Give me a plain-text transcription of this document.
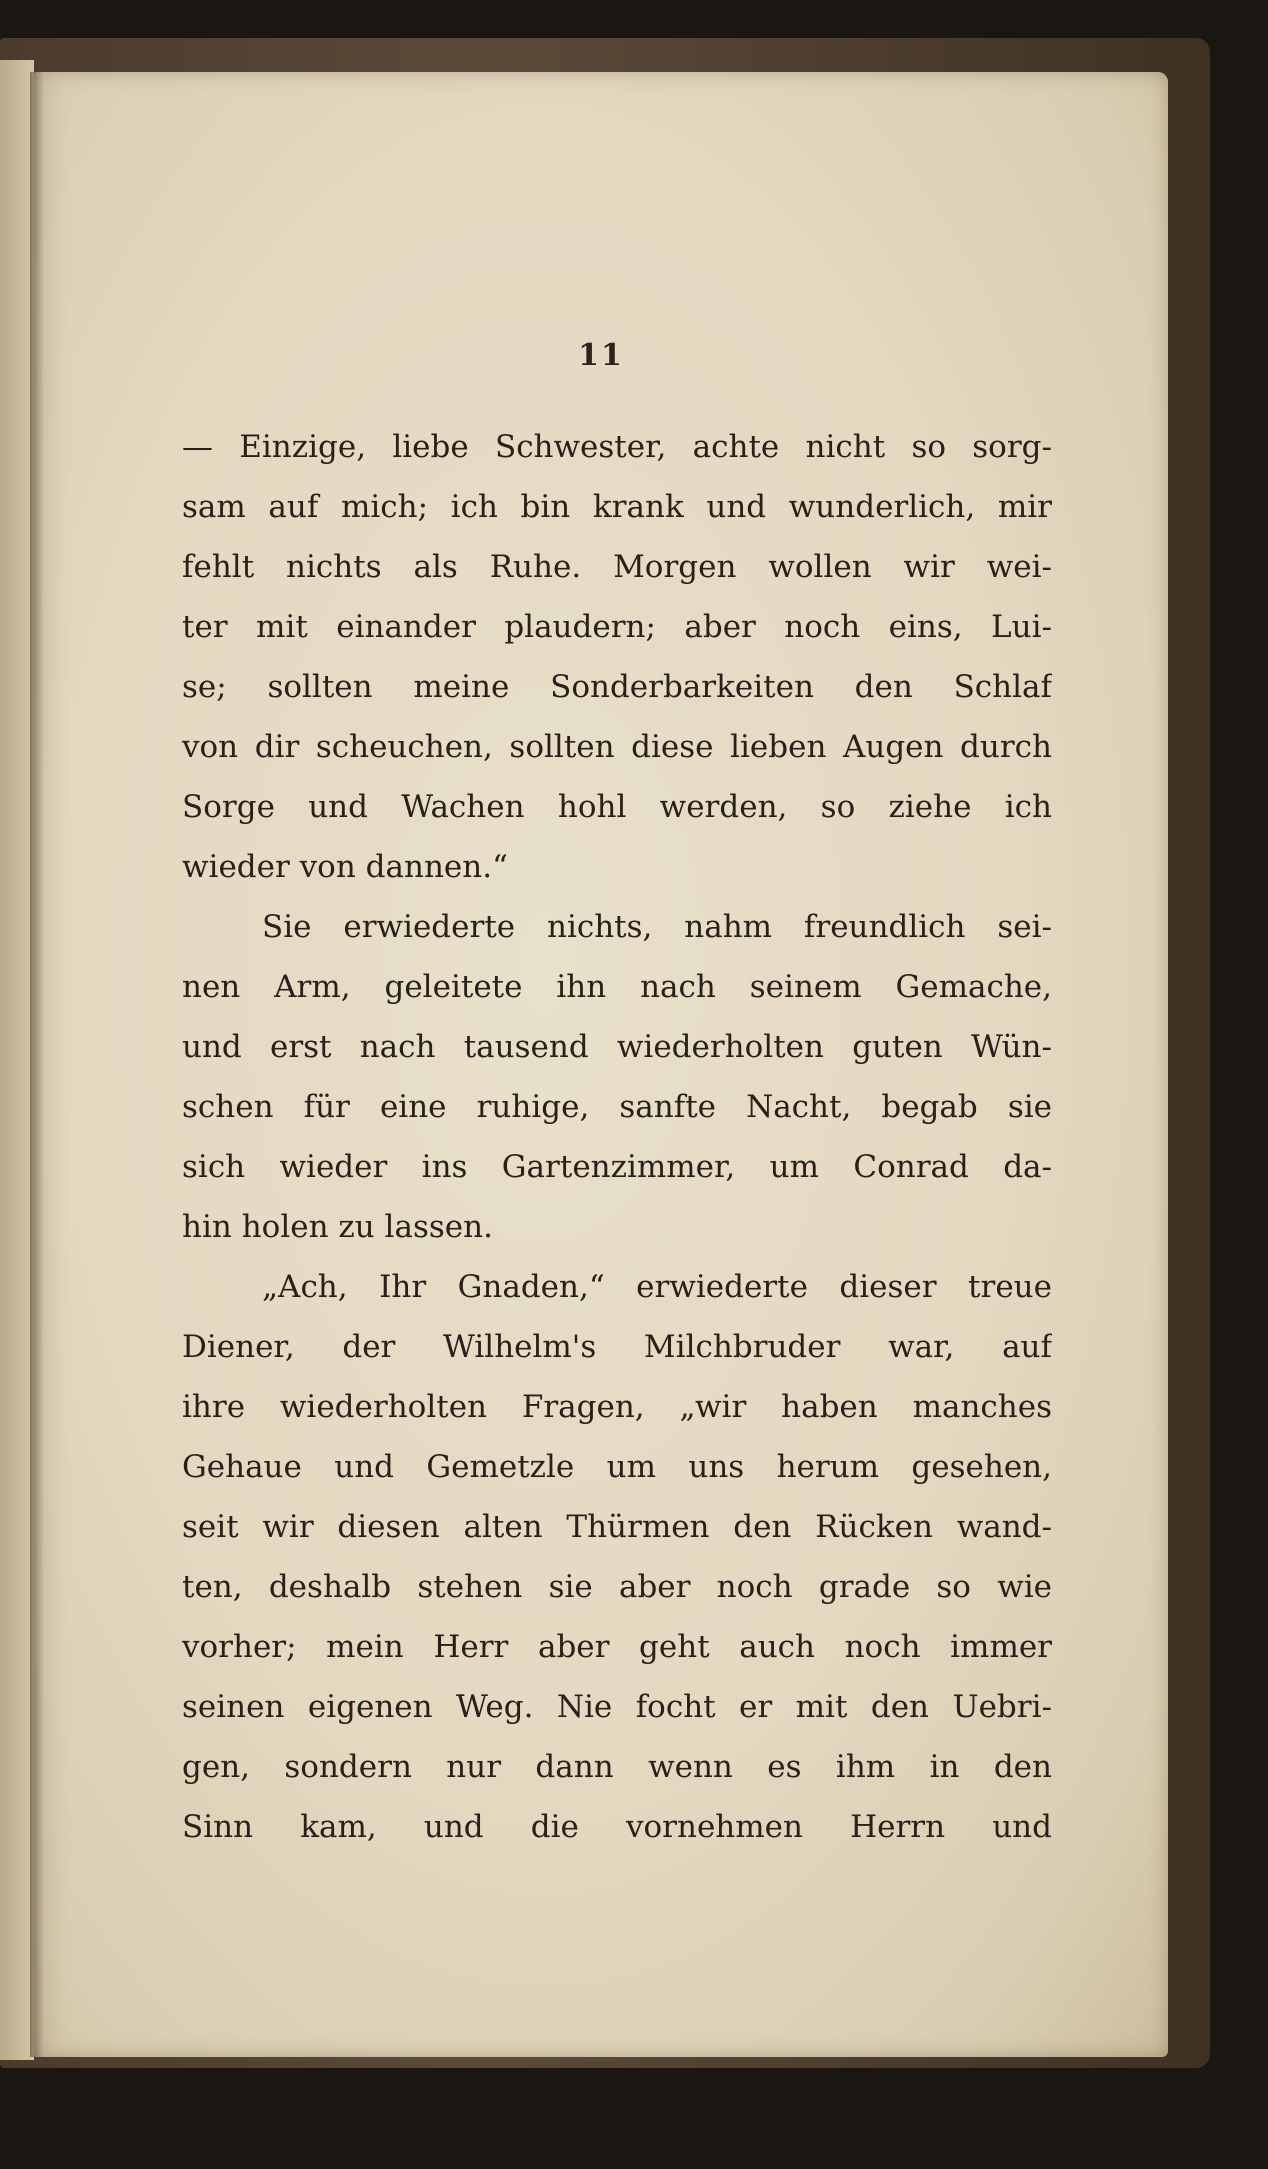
11
— Einzige, liebe Schwester, achte nicht so sorg-
sam auf mich; ich bin krank und wunderlich, mir
fehlt nichts als Ruhe. Morgen wollen wir wei-
ter mit einander plaudern; aber noch eins, Lui-
se; sollten meine Sonderbarkeiten den Schlaf
von dir scheuchen, sollten diese lieben Augen durch
Sorge und Wachen hohl werden, so ziehe ich
wieder von dannen.“
Sie erwiederte nichts, nahm freundlich sei-
nen Arm, geleitete ihn nach seinem Gemache,
und erst nach tausend wiederholten guten Wün-
schen für eine ruhige, sanfte Nacht, begab sie
sich wieder ins Gartenzimmer, um Conrad da-
hin holen zu lassen.
„Ach, Ihr Gnaden,“ erwiederte dieser treue
Diener, der Wilhelm's Milchbruder war, auf
ihre wiederholten Fragen, „wir haben manches
Gehaue und Gemetzle um uns herum gesehen,
seit wir diesen alten Thürmen den Rücken wand-
ten, deshalb stehen sie aber noch grade so wie
vorher; mein Herr aber geht auch noch immer
seinen eigenen Weg. Nie focht er mit den Uebri-
gen, sondern nur dann wenn es ihm in den
Sinn kam, und die vornehmen Herrn und
